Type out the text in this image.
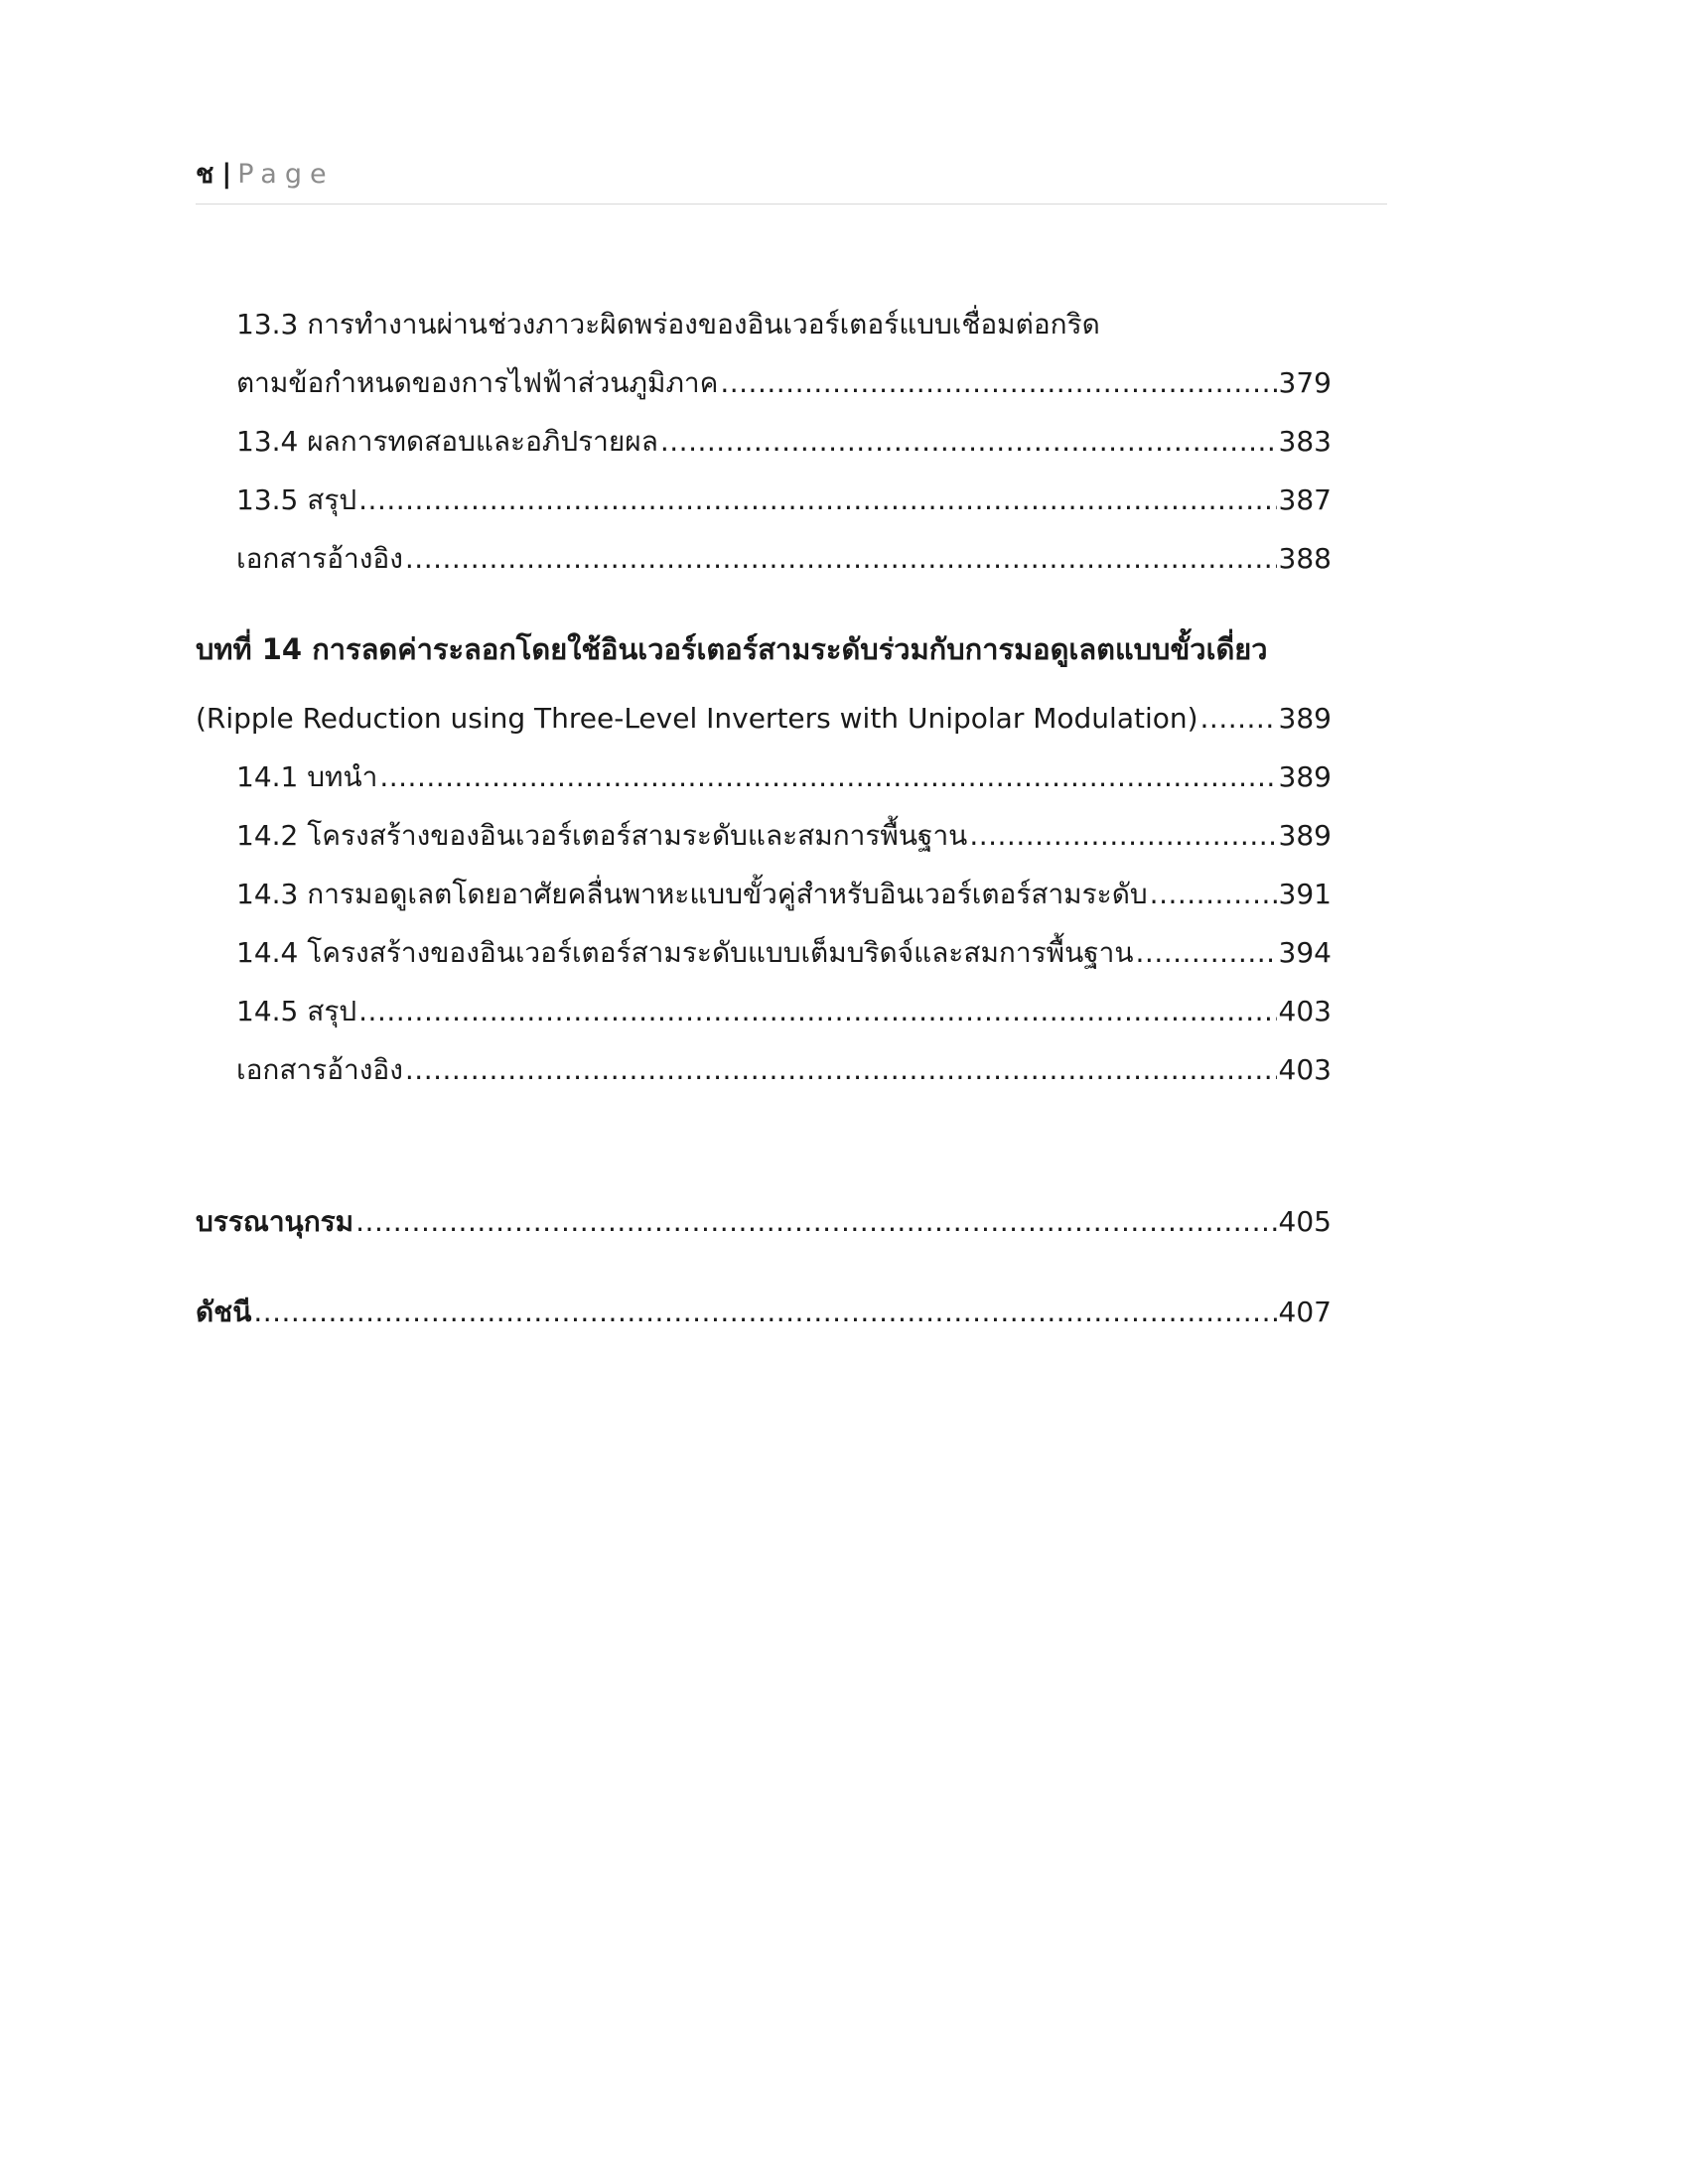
ช | Page
13.3 การทำงานผ่านช่วงภาวะผิดพร่องของอินเวอร์เตอร์แบบเชื่อมต่อกริด
ตามข้อกำหนดของการไฟฟ้าส่วนภูมิภาค .....	379
13.4 ผลการทดสอบและอภิปรายผล .....	383
13.5 สรุป .....	387
เอกสารอ้างอิง .....	388
บทที่ 14 การลดค่าระลอกโดยใช้อินเวอร์เตอร์สามระดับร่วมกับการมอดูเลตแบบขั้วเดี่ยว
(Ripple Reduction using Three-Level Inverters with Unipolar Modulation) .....	389
14.1 บทนำ .....	389
14.2 โครงสร้างของอินเวอร์เตอร์สามระดับและสมการพื้นฐาน .....	389
14.3 การมอดูเลตโดยอาศัยคลื่นพาหะแบบขั้วคู่สำหรับอินเวอร์เตอร์สามระดับ .....	391
14.4 โครงสร้างของอินเวอร์เตอร์สามระดับแบบเต็มบริดจ์และสมการพื้นฐาน .....	394
14.5 สรุป .....	403
เอกสารอ้างอิง .....	403
บรรณานุกรม .....	405
ดัชนี .....	407
